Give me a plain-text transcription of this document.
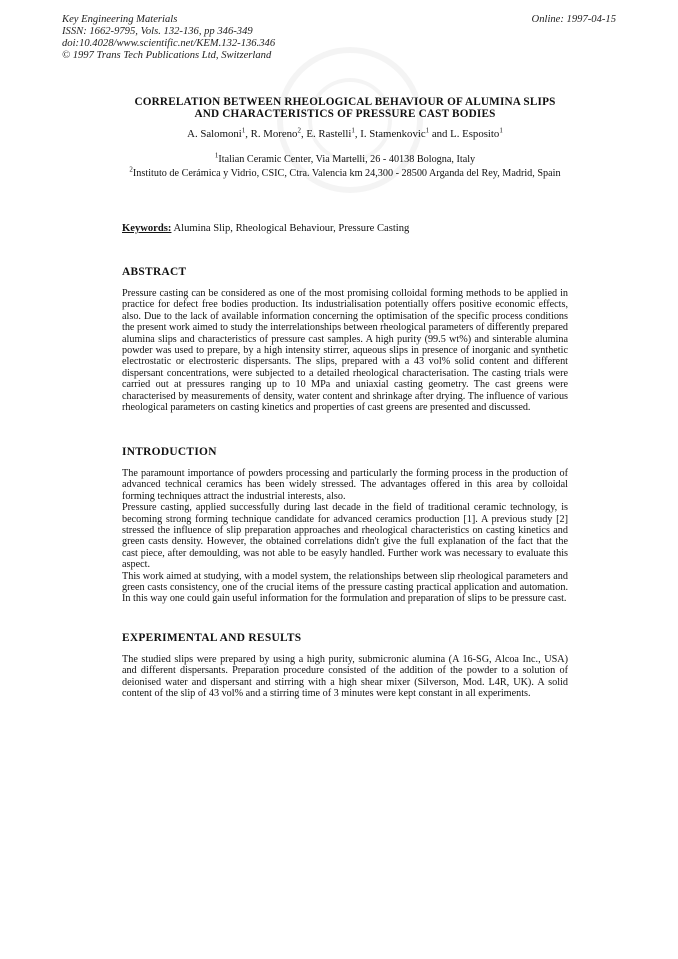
Key Engineering Materials
ISSN: 1662-9795, Vols. 132-136, pp 346-349
doi:10.4028/www.scientific.net/KEM.132-136.346
© 1997 Trans Tech Publications Ltd, Switzerland
Online: 1997-04-15
CORRELATION BETWEEN RHEOLOGICAL BEHAVIOUR OF ALUMINA SLIPS
AND CHARACTERISTICS OF PRESSURE CAST BODIES
A. Salomoni$^1$, R. Moreno$^2$, E. Rastelli$^1$, I. Stamenkovic$^1$ and L. Esposito$^1$
$^1$Italian Ceramic Center, Via Martelli, 26 - 40138 Bologna, Italy
$^2$Instituto de Cerámica y Vidrio, CSIC, Ctra. Valencia km 24,300 - 28500 Arganda del Rey, Madrid, Spain
Keywords: Alumina Slip, Rheological Behaviour, Pressure Casting
ABSTRACT

Pressure casting can be considered as one of the most promising colloidal forming methods to be applied in practice for defect free bodies production. Its industrialisation potentially offers positive economic effects, also. Due to the lack of available information concerning the optimisation of the specific process conditions the present work aimed to study the interrelationships between rheological parameters of differently prepared alumina slips and characteristics of pressure cast samples. A high purity (99.5 wt%) and sinterable alumina powder was used to prepare, by a high intensity stirrer, aqueous slips in presence of inorganic and synthetic electrostatic or electrosteric dispersants. The slips, prepared with a 43 vol% solid content and different dispersant concentrations, were subjected to a detailed rheological characterisation. The casting trials were carried out at pressures ranging up to 10 MPa and uniaxial casting geometry. The cast greens were characterised by measurements of density, water content and shrinkage after drying. The influence of various rheological parameters on casting kinetics and properties of cast greens are presented and discussed.

INTRODUCTION

The paramount importance of powders processing and particularly the forming process in the production of advanced technical ceramics has been widely stressed. The advantages offered in this area by colloidal forming techniques attract the industrial interests, also.

Pressure casting, applied successfully during last decade in the field of traditional ceramic technology, is becoming strong forming technique candidate for advanced ceramics production [1]. A previous study [2] stressed the influence of slip preparation approaches and rheological characteristics on casting kinetics and green casts density. However, the obtained correlations didn't give the full explanation of the fact that the cast piece, after demoulding, was not able to be easyly handled. Further work was necessary to evaluate this aspect.

This work aimed at studying, with a model system, the relationships between slip rheological parameters and green casts consistency, one of the crucial items of the pressure casting practical application and automation. In this way one could gain useful information for the formulation and preparation of slips to be pressure cast.

EXPERIMENTAL AND RESULTS

The studied slips were prepared by using a high purity, submicronic alumina (A 16-SG, Alcoa Inc., USA) and different dispersants. Preparation procedure consisted of the addition of the powder to a solution of deionised water and dispersant and stirring with a high shear mixer (Silverson, Mod. L4R, UK). A solid content of the slip of 43 vol% and a stirring time of 3 minutes were kept constant in all experiments.
